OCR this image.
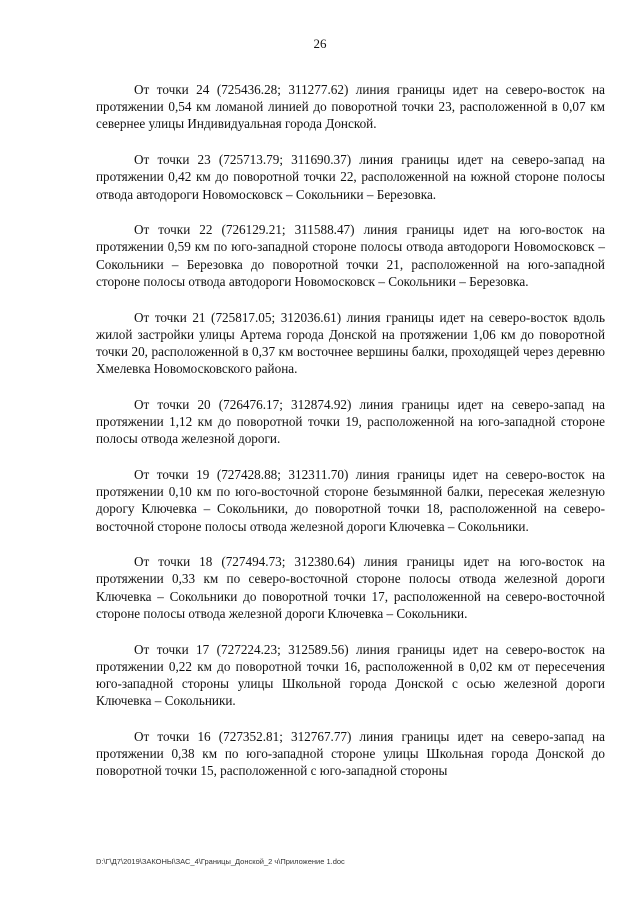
26

От точки 24 (725436.28; 311277.62) линия границы идет на северо-восток на протяжении 0,54 км ломаной линией до поворотной точки 23, расположенной в 0,07 км севернее улицы Индивидуальная города Донской.

От точки 23 (725713.79; 311690.37) линия границы идет на северо-запад на протяжении 0,42 км до поворотной точки 22, расположенной на южной стороне полосы отвода автодороги Новомосковск – Сокольники – Березовка.

От точки 22 (726129.21; 311588.47) линия границы идет на юго-восток на протяжении 0,59 км по юго-западной стороне полосы отвода автодороги Новомосковск – Сокольники – Березовка до поворотной точки 21, расположенной на юго-западной стороне полосы отвода автодороги Новомосковск – Сокольники – Березовка.

От точки 21 (725817.05; 312036.61) линия границы идет на северо-восток вдоль жилой застройки улицы Артема города Донской на протяжении 1,06 км до поворотной точки 20, расположенной в 0,37 км восточнее вершины балки, проходящей через деревню Хмелевка Новомосковского района.

От точки 20 (726476.17; 312874.92) линия границы идет на северо-запад на протяжении 1,12 км до поворотной точки 19, расположенной на юго-западной стороне полосы отвода железной дороги.

От точки 19 (727428.88; 312311.70) линия границы идет на северо-восток на протяжении 0,10 км по юго-восточной стороне безымянной балки, пересекая железную дорогу Ключевка – Сокольники, до поворотной точки 18, расположенной на северо-восточной стороне полосы отвода железной дороги Ключевка – Сокольники.

От точки 18 (727494.73; 312380.64) линия границы идет на юго-восток на протяжении 0,33 км по северо-восточной стороне полосы отвода железной дороги Ключевка – Сокольники до поворотной точки 17, расположенной на северо-восточной стороне полосы отвода железной дороги Ключевка – Сокольники.

От точки 17 (727224.23; 312589.56) линия границы идет на северо-восток на протяжении 0,22 км до поворотной точки 16, расположенной в 0,02 км от пересечения юго-западной стороны улицы Школьной города Донской с осью железной дороги Ключевка – Сокольники.

От точки 16 (727352.81; 312767.77) линия границы идет на северо-запад на протяжении 0,38 км по юго-западной стороне улицы Школьная города Донской до поворотной точки 15, расположенной с юго-западной стороны

D:\Г\Д7\2019\ЗАКОНЫ\ЗАС_4\Границы_Донской_2 ч\Приложение 1.doc
